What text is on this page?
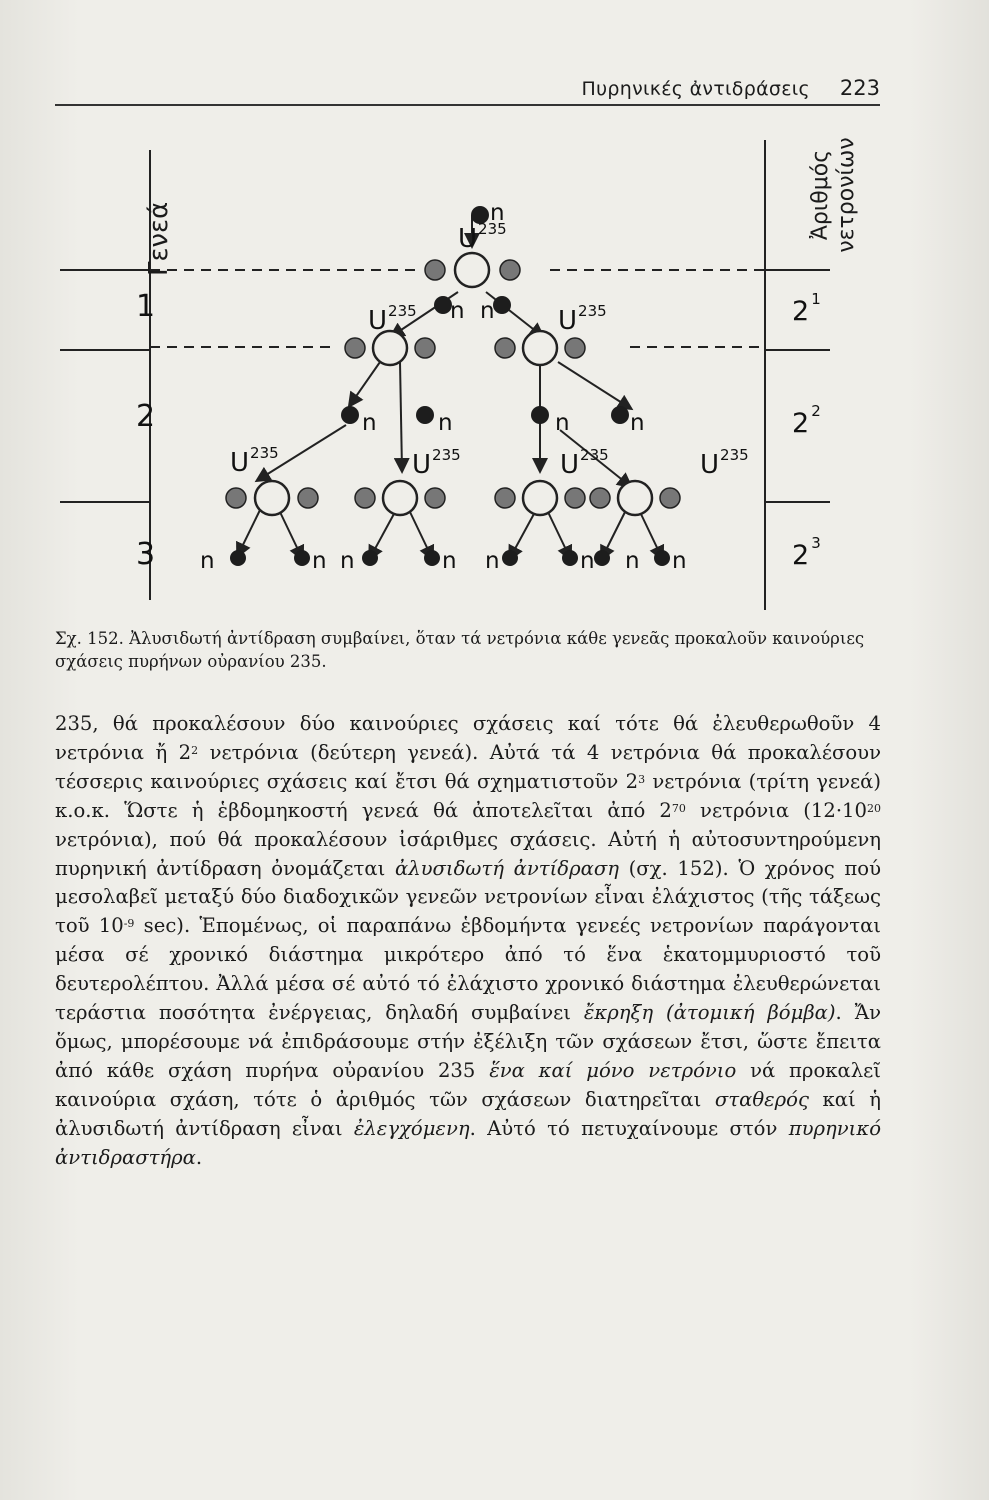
Πυρηνικές ἀντιδράσεις 223
Γενεά	Ἀριθμός νετρονίων
1
2
3
2 $^1$
2 $^2$
2 $^3$
$U^{235}$
$U^{235}$	$U^{235}$
$U^{235}$	$U^{235}$	$U^{235}$	$U^{235}$
n
n n
n	n	n	n
n	n n	n n	n n n
Σχ. 152. Ἀλυσιδωτή ἀντίδραση συμβαίνει, ὅταν τά νετρόνια κάθε γενεᾶς προκαλοῦν καινούριες σχάσεις πυρήνων οὐρανίου 235.

235, θά προκαλέσουν δύο καινούριες σχάσεις καί τότε θά ἐλευθερωθοῦν 4 νετρόνια ἤ $2^2$ νετρόνια (δεύτερη γενεά). Αὐτά τά 4 νετρόνια θά προκαλέσουν τέσσερις καινούριες σχάσεις καί ἔτσι θά σχηματιστοῦν $2^3$ νετρόνια (τρίτη γενεά) κ.ο.κ. Ὥστε ἡ ἑβδομηκοστή γενεά θά ἀποτελεῖται ἀπό $2^{70}$ νετρόνια ($12\cdot 10^{20}$ νετρόνια), πού θά προκαλέσουν ἰσάριθμες σχάσεις. Αὐτή ἡ αὐτοσυντηρούμενη πυρηνική ἀντίδραση ὀνομάζεται ἀλυσιδωτή ἀντίδραση (σχ. 152). Ὁ χρόνος πού μεσολαβεῖ μεταξύ δύο διαδοχικῶν γενεῶν νετρονίων εἶναι ἐλάχιστος (τῆς τάξεως τοῦ $10^{-9}$ sec). Ἑπομένως, οἱ παραπάνω ἑβδομήντα γενεές νετρονίων παράγονται μέσα σέ χρονικό διάστημα μικρότερο ἀπό τό ἕνα ἑκατομμυριοστό τοῦ δευτερολέπτου. Ἀλλά μέσα σέ αὐτό τό ἐλάχιστο χρονικό διάστημα ἐλευθερώνεται τεράστια ποσότητα ἐνέργειας, δηλαδή συμβαίνει ἔκρηξη (ἀτομική βόμβα). Ἄν ὅμως, μπορέσουμε νά ἐπιδράσουμε στήν ἐξέλιξη τῶν σχάσεων ἔτσι, ὥστε ἔπειτα ἀπό κάθε σχάση πυρήνα οὐρανίου 235 ἕνα καί μόνο νετρόνιο νά προκαλεῖ καινούρια σχάση, τότε ὁ ἀριθμός τῶν σχάσεων διατηρεῖται σταθερός καί ἡ ἀλυσιδωτή ἀντίδραση εἶναι ἐλεγχόμενη. Αὐτό τό πετυχαίνουμε στόν πυρηνικό ἀντιδραστήρα.
